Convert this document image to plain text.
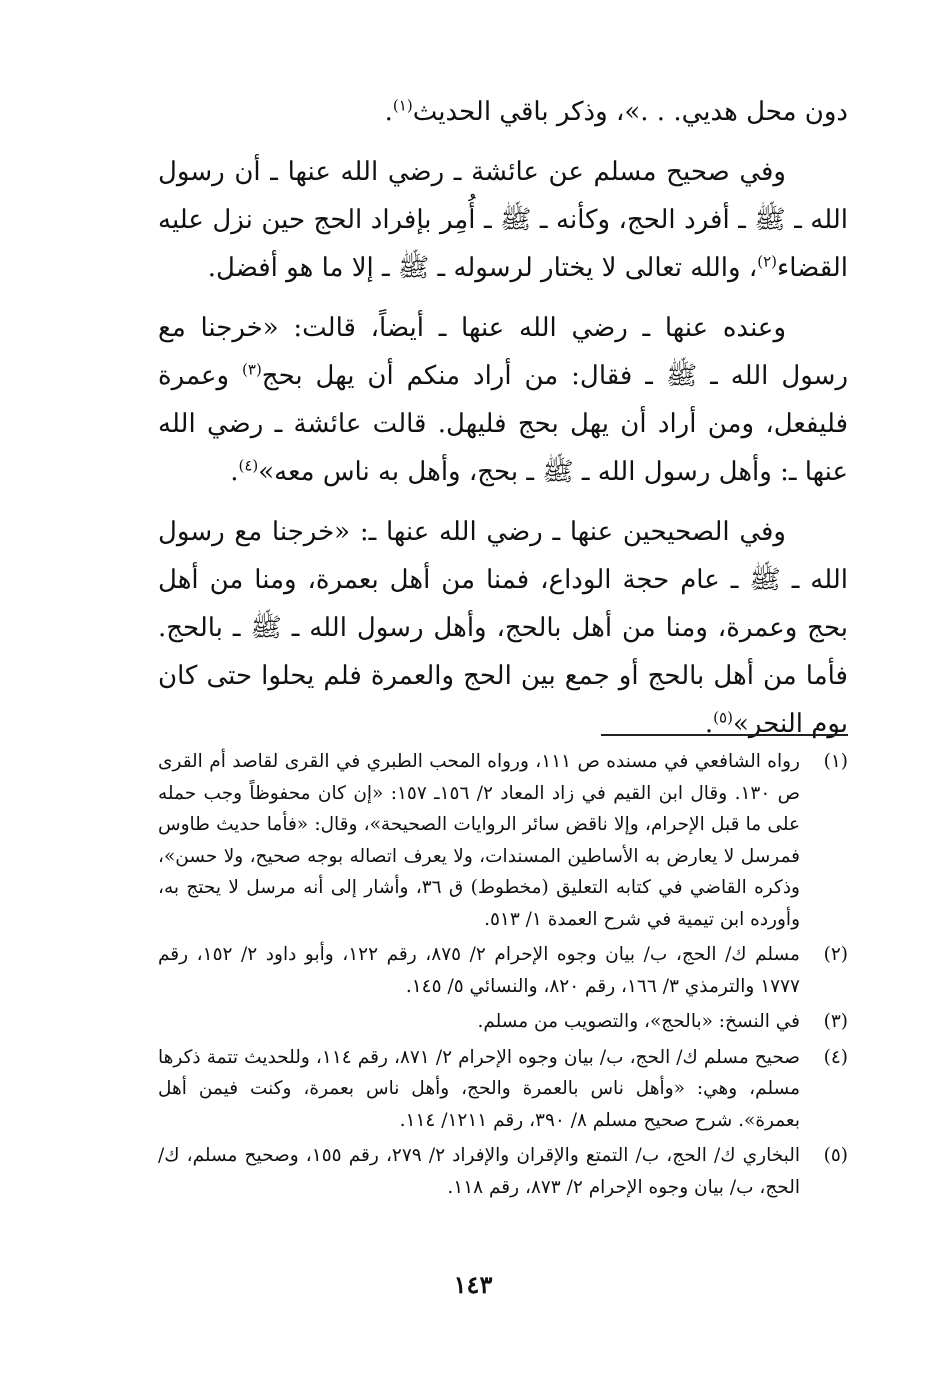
دون محل هديي. . .»، وذكر باقي الحديث$^{(١)}$.

وفي صحيح مسلم عن عائشة ـ رضي الله عنها ـ أن رسول الله ـ ﷺ ـ أفرد الحج، وكأنه ـ ﷺ ـ أُمِر بإفراد الحج حين نزل عليه القضاء$^{(٢)}$، والله تعالى لا يختار لرسوله ـ ﷺ ـ إلا ما هو أفضل.

وعنده عنها ـ رضي الله عنها ـ أيضاً، قالت: «خرجنا مع رسول الله ـ ﷺ ـ فقال: من أراد منكم أن يهل بحج$^{(٣)}$ وعمرة فليفعل، ومن أراد أن يهل بحج فليهل. قالت عائشة ـ رضي الله عنها ـ: وأهل رسول الله ـ ﷺ ـ بحج، وأهل به ناس معه»$^{(٤)}$.

وفي الصحيحين عنها ـ رضي الله عنها ـ: «خرجنا مع رسول الله ـ ﷺ ـ عام حجة الوداع، فمنا من أهل بعمرة، ومنا من أهل بحج وعمرة، ومنا من أهل بالحج، وأهل رسول الله ـ ﷺ ـ بالحج. فأما من أهل بالحج أو جمع بين الحج والعمرة فلم يحلوا حتى كان يوم النحر»$^{(٥)}$.

(١)
رواه الشافعي في مسنده ص ١١١، ورواه المحب الطبري في القرى لقاصد أم القرى ص ١٣٠. وقال ابن القيم في زاد المعاد ٢/ ١٥٦ـ ١٥٧: «إن كان محفوظاً وجب حمله على ما قبل الإحرام، وإلا ناقض سائر الروايات الصحيحة»، وقال: «فأما حديث طاوس فمرسل لا يعارض به الأساطين المسندات، ولا يعرف اتصاله بوجه صحيح، ولا حسن»، وذكره القاضي في كتابه التعليق (مخطوط) ق ٣٦، وأشار إلى أنه مرسل لا يحتج به، وأورده ابن تيمية في شرح العمدة ١/ ٥١٣.
(٢)
مسلم ك/ الحج، ب/ بيان وجوه الإحرام ٢/ ٨٧٥، رقم ١٢٢، وأبو داود ٢/ ١٥٢، رقم ١٧٧٧ والترمذي ٣/ ١٦٦، رقم ٨٢٠، والنسائي ٥/ ١٤٥.
(٣)
في النسخ: «بالحج»، والتصويب من مسلم.
(٤)
صحيح مسلم ك/ الحج، ب/ بيان وجوه الإحرام ٢/ ٨٧١، رقم ١١٤، وللحديث تتمة ذكرها مسلم، وهي: «وأهل ناس بالعمرة والحج، وأهل ناس بعمرة، وكنت فيمن أهل بعمرة». شرح صحيح مسلم ٨/ ٣٩٠، رقم ١٢١١/ ١١٤.
(٥)
البخاري ك/ الحج، ب/ التمتع والإقران والإفراد ٢/ ٢٧٩، رقم ١٥٥، وصحيح مسلم، ك/ الحج، ب/ بيان وجوه الإحرام ٢/ ٨٧٣، رقم ١١٨.
١٤٣
